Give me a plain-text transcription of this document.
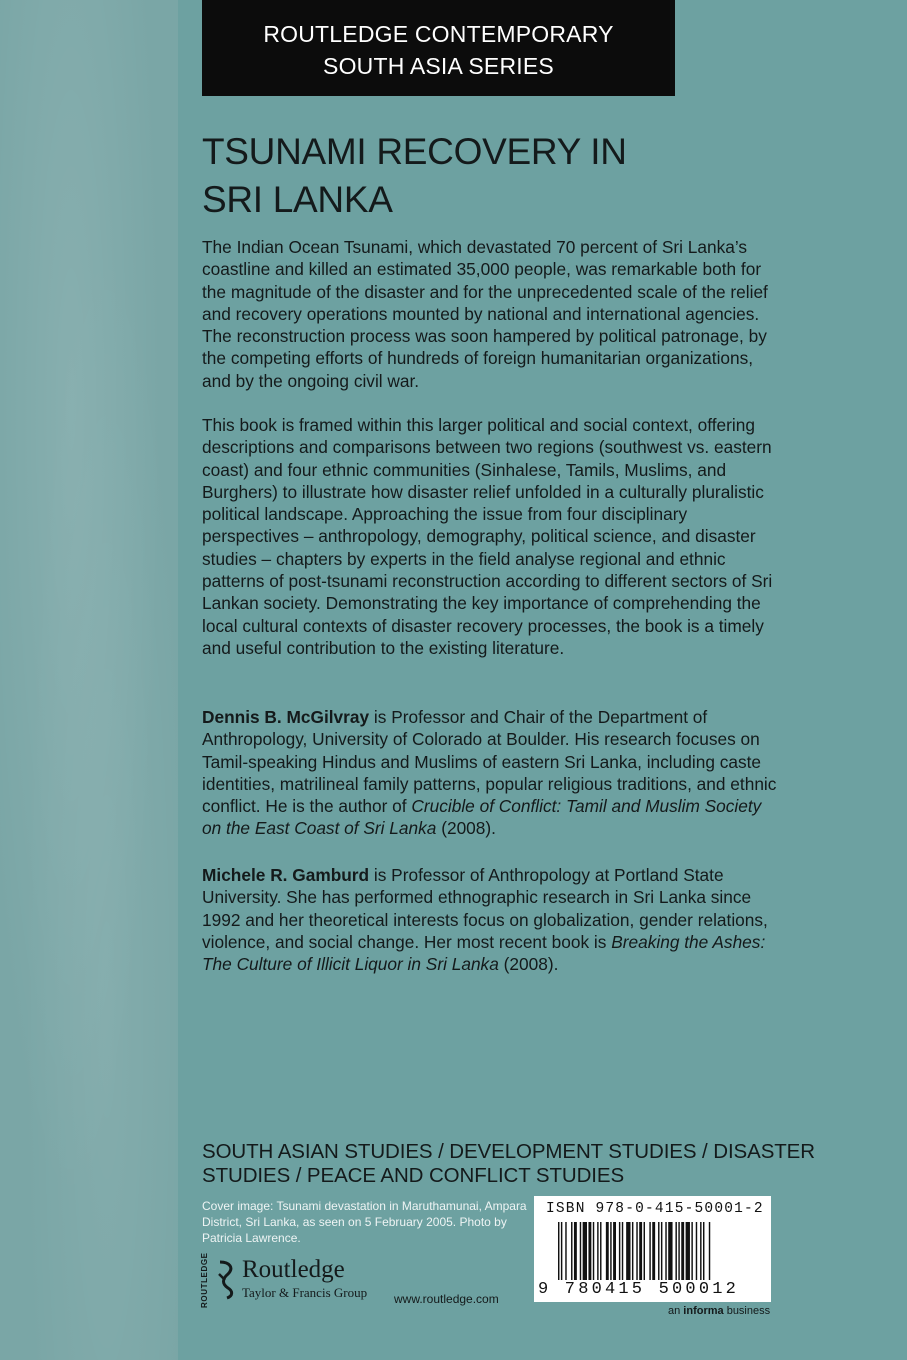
ROUTLEDGE CONTEMPORARY
SOUTH ASIA SERIES
TSUNAMI RECOVERY IN
SRI LANKA

The Indian Ocean Tsunami, which devastated 70 percent of Sri Lanka’s coastline and killed an estimated 35,000 people, was remarkable both for the magnitude of the disaster and for the unprecedented scale of the relief and recovery operations mounted by national and international agencies. The reconstruction process was soon hampered by political patronage, by the competing efforts of hundreds of foreign humanitarian organizations, and by the ongoing civil war.

This book is framed within this larger political and social context, offering descriptions and comparisons between two regions (southwest vs. eastern coast) and four ethnic communities (Sinhalese, Tamils, Muslims, and Burghers) to illustrate how disaster relief unfolded in a culturally pluralistic political landscape. Approaching the issue from four disciplinary perspectives – anthropology, demography, political science, and disaster studies – chapters by experts in the field analyse regional and ethnic patterns of post-tsunami reconstruction according to different sectors of Sri Lankan society. Demonstrating the key importance of comprehending the local cultural contexts of disaster recovery processes, the book is a timely and useful contribution to the existing literature.

Dennis B. McGilvray is Professor and Chair of the Department of Anthropology, University of Colorado at Boulder. His research focuses on Tamil-speaking Hindus and Muslims of eastern Sri Lanka, including caste identities, matrilineal family patterns, popular religious traditions, and ethnic conflict. He is the author of Crucible of Conflict: Tamil and Muslim Society on the East Coast of Sri Lanka (2008).

Michele R. Gamburd is Professor of Anthropology at Portland State University. She has performed ethnographic research in Sri Lanka since 1992 and her theoretical interests focus on globalization, gender relations, violence, and social change. Her most recent book is Breaking the Ashes: The Culture of Illicit Liquor in Sri Lanka (2008).

SOUTH ASIAN STUDIES / DEVELOPMENT STUDIES / DISASTER STUDIES / PEACE AND CONFLICT STUDIES

Cover image: Tsunami devastation in Maruthamunai, Ampara District, Sri Lanka, as seen on 5 February 2005. Photo by Patricia Lawrence.

ROUTLEDGE Routledge
Taylor & Francis Group www.routledge.com
ISBN 978-0-415-50001-2
9 780415 500012
an informa business
